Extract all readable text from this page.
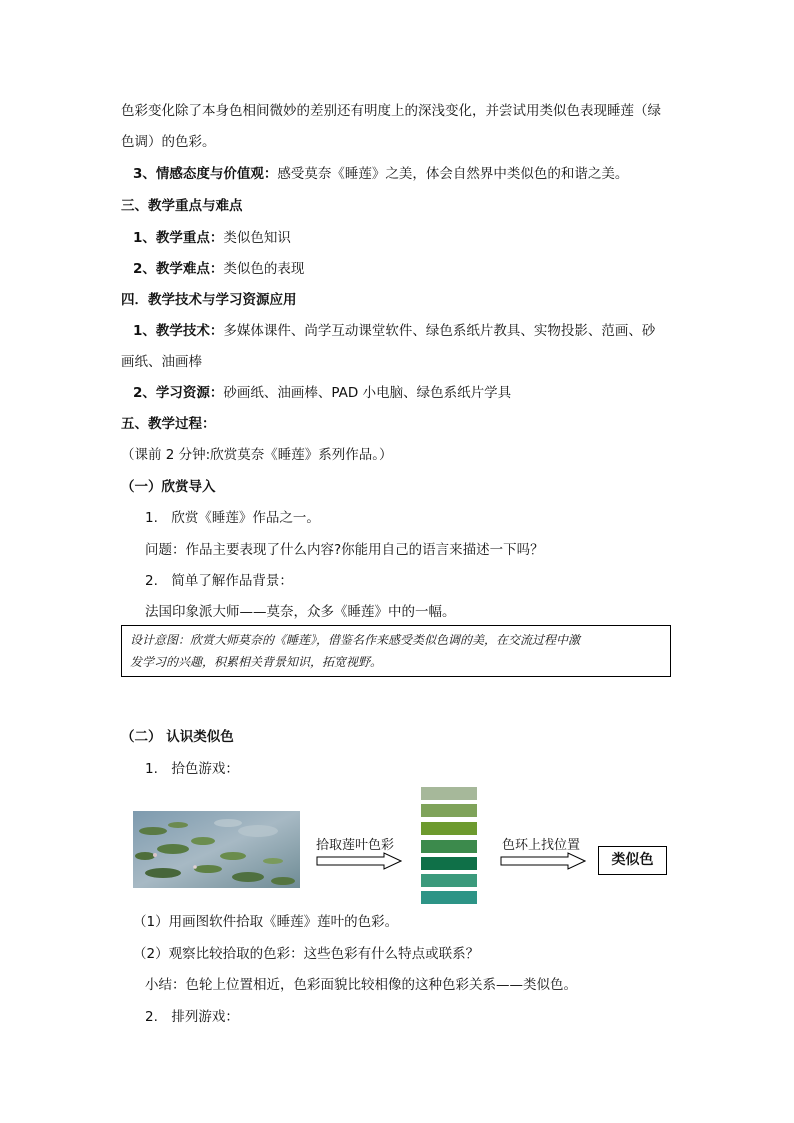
色彩变化除了本身色相间微妙的差别还有明度上的深浅变化，并尝试用类似色表现睡莲（绿
色调）的色彩。
3、情感态度与价值观：感受莫奈《睡莲》之美，体会自然界中类似色的和谐之美。
三、教学重点与难点
1、教学重点：类似色知识
2、教学难点：类似色的表现
四．教学技术与学习资源应用
1、教学技术：多媒体课件、尚学互动课堂软件、绿色系纸片教具、实物投影、范画、砂
画纸、油画棒
2、学习资源：砂画纸、油画棒、PAD 小电脑、绿色系纸片学具
五、教学过程：
（课前 2 分钟:欣赏莫奈《睡莲》系列作品。）
（一）欣赏导入
1.　欣赏《睡莲》作品之一。
问题：作品主要表现了什么内容?你能用自己的语言来描述一下吗？
2.　简单了解作品背景：
法国印象派大师——莫奈，众多《睡莲》中的一幅。
设计意图：欣赏大师莫奈的《睡莲》，借鉴名作来感受类似色调的美，在交流过程中激
发学习的兴趣，积累相关背景知识，拓宽视野。
（二） 认识类似色
1.　拾色游戏：
拾取莲叶色彩	色环上找位置
类似色
（1）用画图软件拾取《睡莲》莲叶的色彩。
（2）观察比较拾取的色彩：这些色彩有什么特点或联系？
小结：色轮上位置相近，色彩面貌比较相像的这种色彩关系——类似色。
2.　排列游戏：
